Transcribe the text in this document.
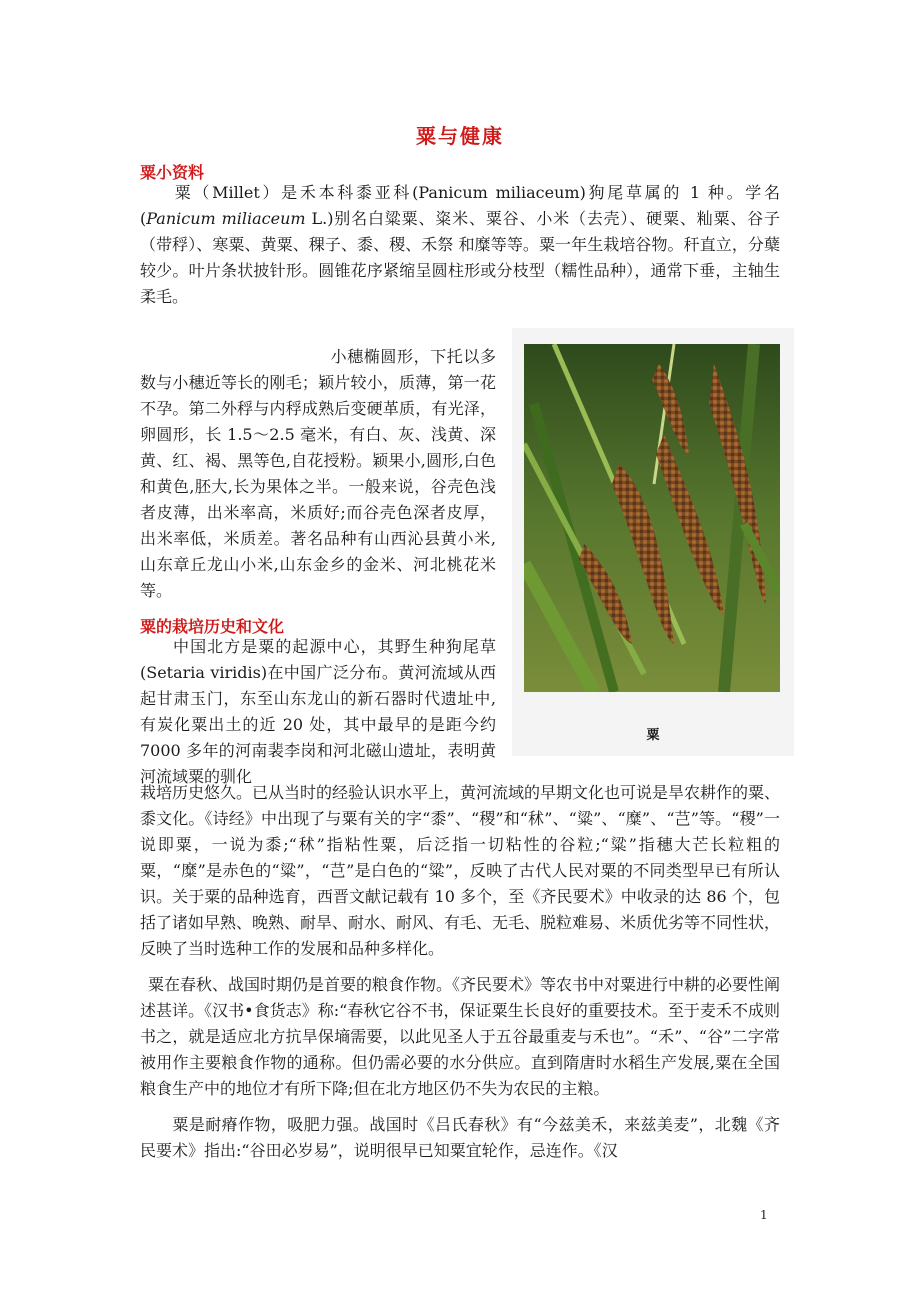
粟与健康
粟小资料

粟（Millet）是禾本科黍亚科(Panicum miliaceum)狗尾草属的 1 种。学名(Panicum miliaceum L.)别名白粱粟、粢米、粟谷、小米（去壳）、硬粟、籼粟、谷子（带稃）、寒粟、黄粟、稞子、黍、稷、禾祭 和糜等等。粟一年生栽培谷物。秆直立，分蘖较少。叶片条状披针形。圆锥花序紧缩呈圆柱形或分枝型（糯性品种），通常下垂，主轴生柔毛。

小穗椭圆形，下托以多数与小穗近等长的刚毛；颖片较小，质薄，第一花不孕。第二外稃与内稃成熟后变硬革质，有光泽，卵圆形，长 1.5～2.5 毫米，有白、灰、浅黄、深黄、红、褐、黑等色,自花授粉。颖果小,圆形,白色和黄色,胚大,长为果体之半。一般来说，谷壳色浅者皮薄，出米率高，米质好;而谷壳色深者皮厚，出米率低，米质差。著名品种有山西沁县黄小米,山东章丘龙山小米,山东金乡的金米、河北桃花米等。

粟的栽培历史和文化

中国北方是粟的起源中心，其野生种狗尾草(Setaria viridis)在中国广泛分布。黄河流域从西起甘肃玉门，东至山东龙山的新石器时代遗址中,有炭化粟出土的近 20 处，其中最早的是距今约 7000 多年的河南裴李岗和河北磁山遗址，表明黄河流域粟的驯化

栽培历史悠久。已从当时的经验认识水平上，黄河流域的早期文化也可说是旱农耕作的粟、黍文化。《诗经》中出现了与粟有关的字“黍”、“稷”和“秫”、“粱”、“糜”、“芑”等。“稷”一说即粟，一说为黍;“秫”指粘性粟，后泛指一切粘性的谷粒;“粱”指穗大芒长粒粗的粟，“糜”是赤色的“粱”，“芑”是白色的“粱”，反映了古代人民对粟的不同类型早已有所认识。关于粟的品种选育，西晋文献记载有 10 多个，至《齐民要术》中收录的达 86 个，包括了诸如早熟、晚熟、耐旱、耐水、耐风、有毛、无毛、脱粒难易、米质优劣等不同性状，反映了当时选种工作的发展和品种多样化。

粟在春秋、战国时期仍是首要的粮食作物。《齐民要术》等农书中对粟进行中耕的必要性阐述甚详。《汉书•食货志》称:“春秋它谷不书，保证粟生长良好的重要技术。至于麦禾不成则书之，就是适应北方抗旱保墒需要，以此见圣人于五谷最重麦与禾也”。“禾”、“谷”二字常被用作主要粮食作物的通称。但仍需必要的水分供应。直到隋唐时水稻生产发展,粟在全国粮食生产中的地位才有所下降;但在北方地区仍不失为农民的主粮。

粟是耐瘠作物，吸肥力强。战国时《吕氏春秋》有“今兹美禾，来兹美麦”，北魏《齐民要术》指出:“谷田必岁易”，说明很早已知粟宜轮作，忌连作。《汉

粟
1
